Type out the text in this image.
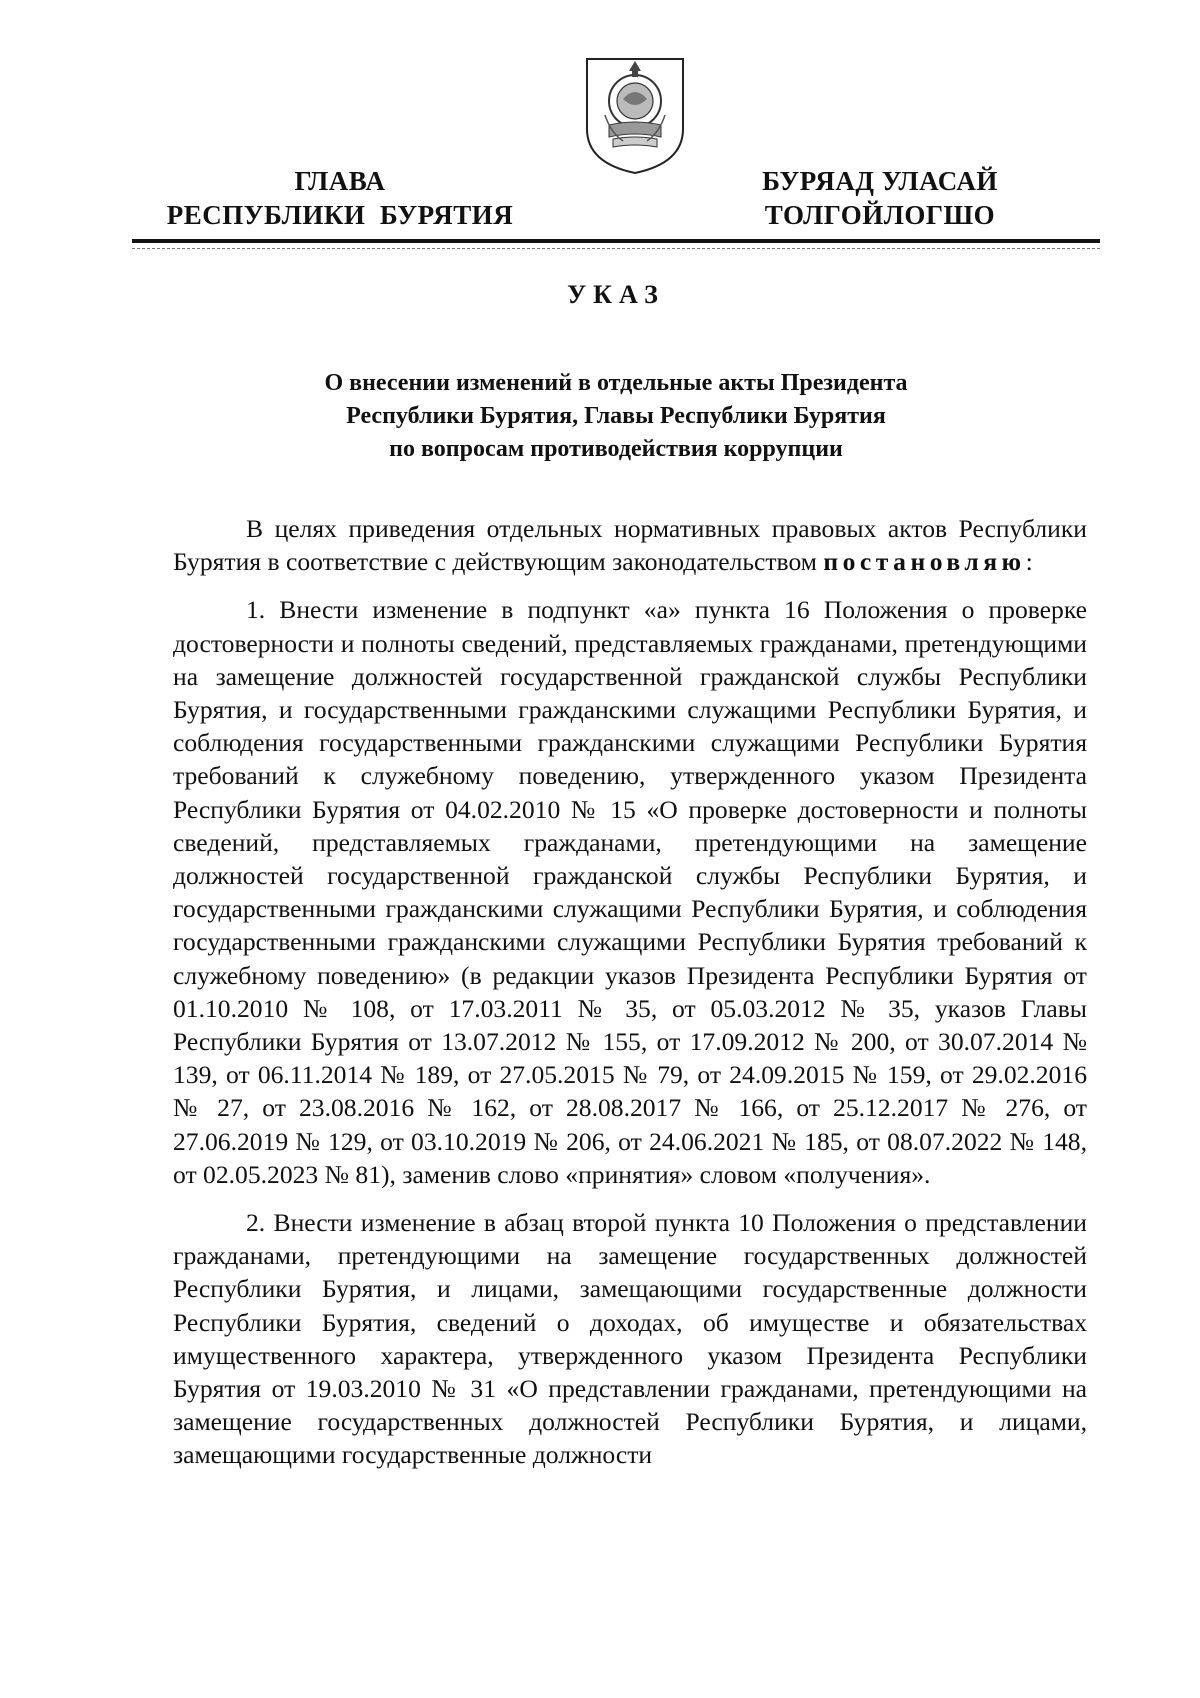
ГЛАВА
РЕСПУБЛИКИ  БУРЯТИЯ
БУРЯАД УЛАСАЙ
ТОЛГОЙЛОГШО
УКАЗ
О внесении изменений в отдельные акты Президента
Республики Бурятия, Главы Республики Бурятия
по вопросам противодействия коррупции

В целях приведения отдельных нормативных правовых актов Республики Бурятия в соответствие с действующим законодательством постановляю:

1. Внести изменение в подпункт «а» пункта 16 Положения о проверке достоверности и полноты сведений, представляемых гражданами, претендующими на замещение должностей государственной гражданской службы Республики Бурятия, и государственными гражданскими служащими Республики Бурятия, и соблюдения государственными гражданскими служащими Республики Бурятия требований к служебному поведению, утвержденного указом Президента Республики Бурятия от 04.02.2010 № 15 «О проверке достоверности и полноты сведений, представляемых гражданами, претендующими на замещение должностей государственной гражданской службы Республики Бурятия, и государственными гражданскими служащими Республики Бурятия, и соблюдения государственными гражданскими служащими Республики Бурятия требований к служебному поведению» (в редакции указов Президента Республики Бурятия от 01.10.2010 № 108, от 17.03.2011 № 35, от 05.03.2012 № 35, указов Главы Республики Бурятия от 13.07.2012 № 155, от 17.09.2012 № 200, от 30.07.2014 № 139, от 06.11.2014 № 189, от 27.05.2015 № 79, от 24.09.2015 № 159, от 29.02.2016 № 27, от 23.08.2016 № 162, от 28.08.2017 № 166, от 25.12.2017 № 276, от 27.06.2019 № 129, от 03.10.2019 № 206, от 24.06.2021 № 185, от 08.07.2022 № 148, от 02.05.2023 № 81), заменив слово «принятия» словом «получения».

2. Внести изменение в абзац второй пункта 10 Положения о представлении гражданами, претендующими на замещение государственных должностей Республики Бурятия, и лицами, замещающими государственные должности Республики Бурятия, сведений о доходах, об имуществе и обязательствах имущественного характера, утвержденного указом Президента Республики Бурятия от 19.03.2010 № 31 «О представлении гражданами, претендующими на замещение государственных должностей Республики Бурятия, и лицами, замещающими государственные должности
